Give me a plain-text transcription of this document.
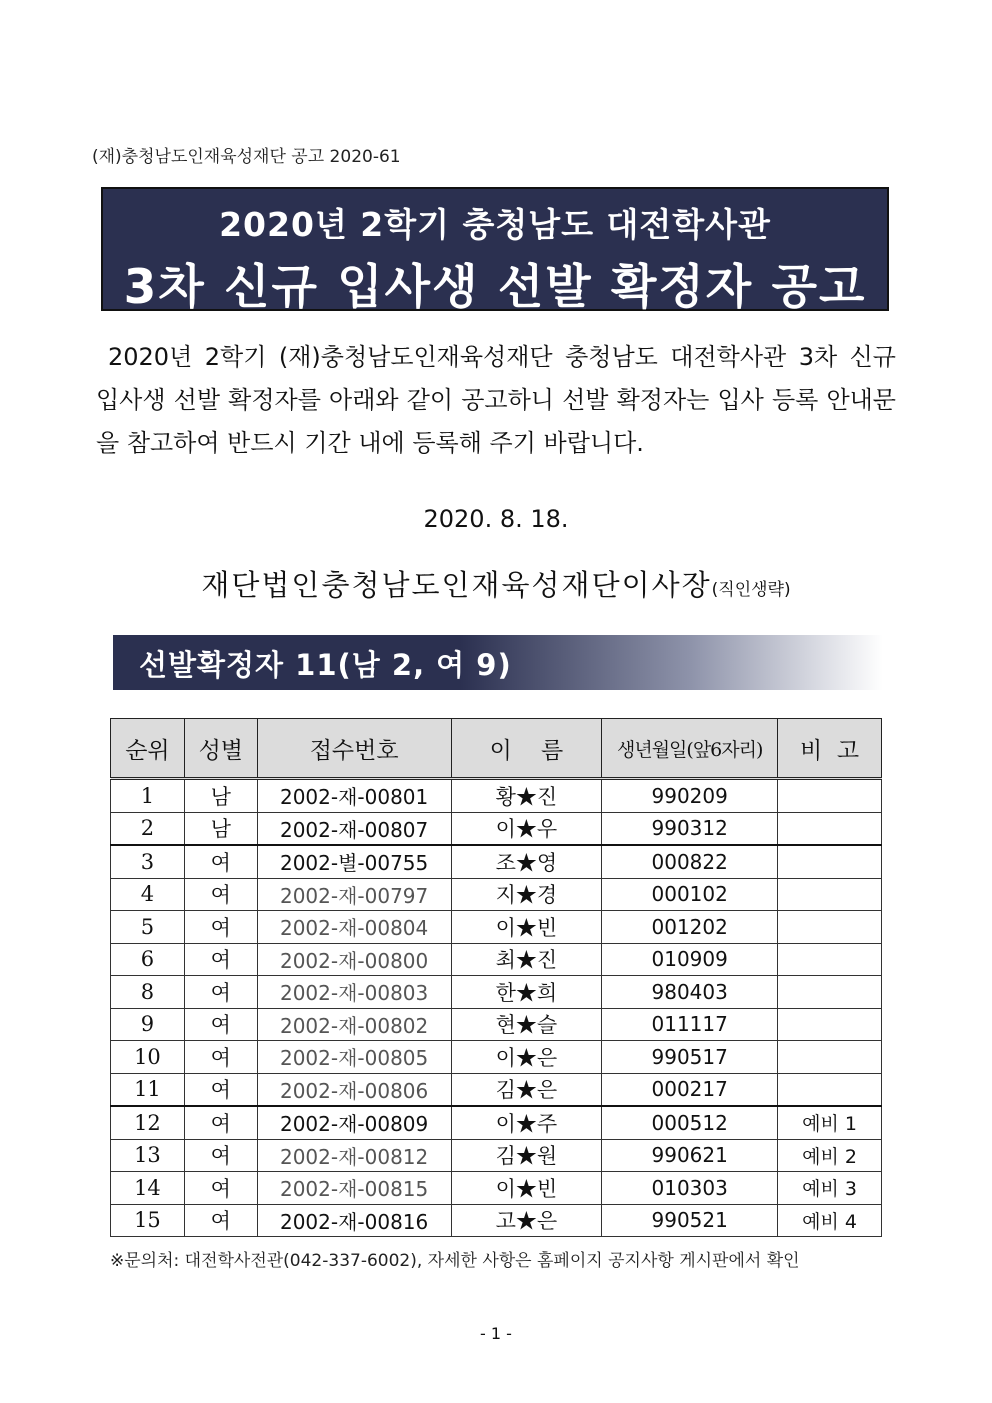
(재)충청남도인재육성재단 공고 2020-61
2020년 2학기 충청남도 대전학사관
3차 신규 입사생 선발 확정자 공고
2020년 2학기 (재)충청남도인재육성재단 충청남도 대전학사관 3차 신규 입사생 선발 확정자를 아래와 같이 공고하니 선발 확정자는 입사 등록 안내문을 참고하여 반드시 기간 내에 등록해 주기 바랍니다.
2020. 8. 18.
재단법인충청남도인재육성재단이사장(직인생략)
선발확정자 11(남 2, 여 9)
순위	성별	접수번호	이    름	생년월일(앞6자리)	비  고
1	남	2002-재-00801	황★진	990209	
2	남	2002-재-00807	이★우	990312	
3	여	2002-별-00755	조★영	000822	
4	여	2002-재-00797	지★경	000102	
5	여	2002-재-00804	이★빈	001202	
6	여	2002-재-00800	최★진	010909	
8	여	2002-재-00803	한★희	980403	
9	여	2002-재-00802	현★슬	011117	
10	여	2002-재-00805	이★은	990517	
11	여	2002-재-00806	김★은	000217	
12	여	2002-재-00809	이★주	000512	예비 1
13	여	2002-재-00812	김★원	990621	예비 2
14	여	2002-재-00815	이★빈	010303	예비 3
15	여	2002-재-00816	고★은	990521	예비 4
※문의처: 대전학사전관(042-337-6002), 자세한 사항은 홈페이지 공지사항 게시판에서 확인
- 1 -
